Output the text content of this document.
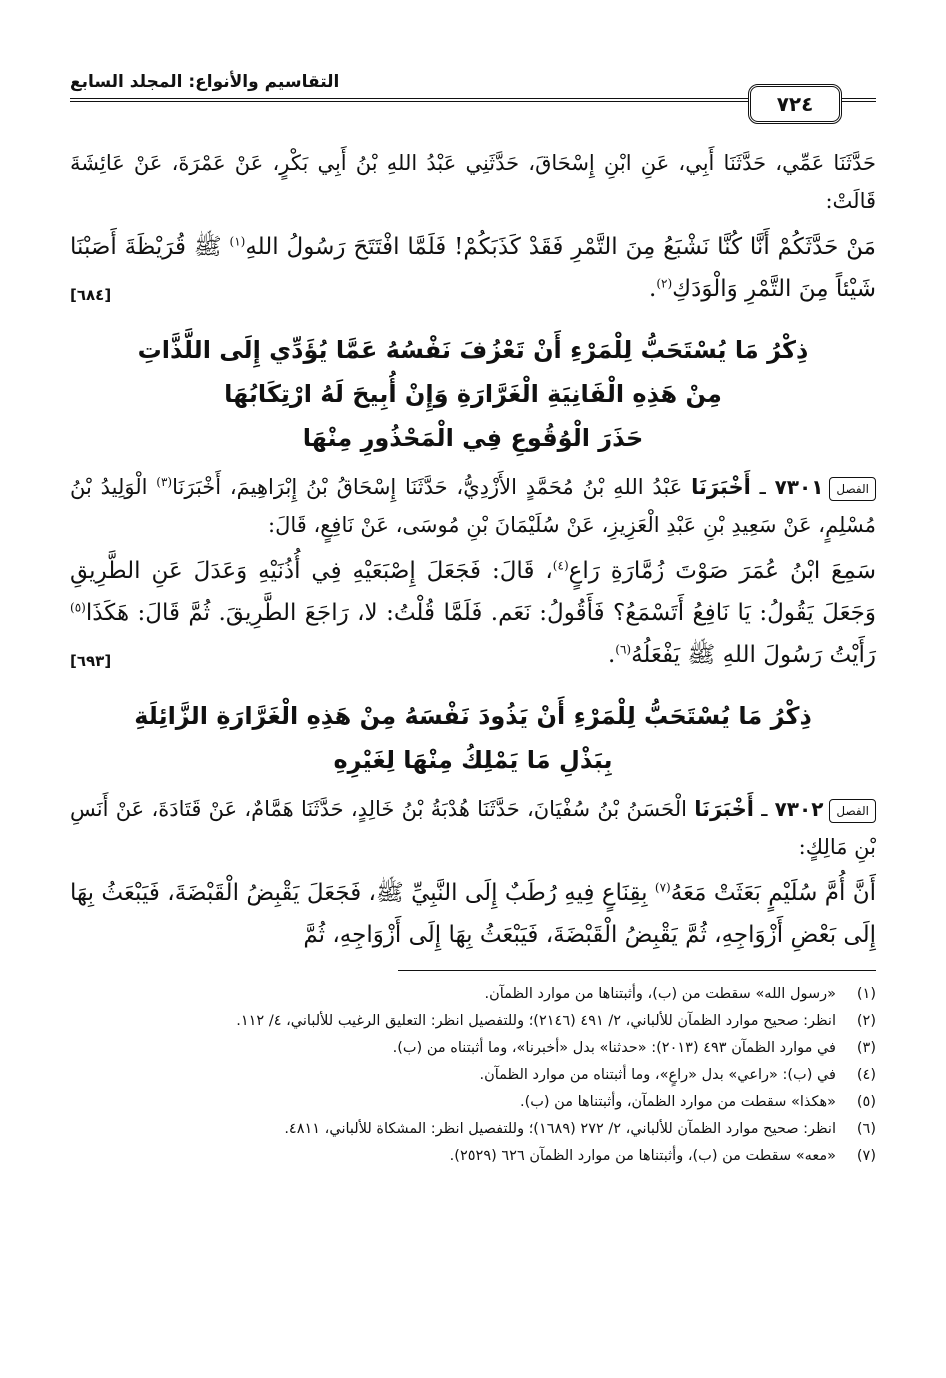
٧٢٤
التقاسيم والأنواع: المجلد السابع

حَدَّثَنَا عَمِّي، حَدَّثَنَا أَبِي، عَنِ ابْنِ إِسْحَاقَ، حَدَّثَنِي عَبْدُ اللهِ بْنُ أَبِي بَكْرٍ، عَنْ عَمْرَةَ، عَنْ عَائِشَةَ قَالَتْ:

مَنْ حَدَّثَكُمْ أَنَّا كُنَّا نَشْبَعُ مِنَ التَّمْرِ فَقَدْ كَذَبَكُمْ! فَلَمَّا افْتَتَحَ رَسُولُ اللهِ$^{(١)}$ ﷺ قُرَيْظَةَ أَصَبْنَا شَيْئاً مِنَ التَّمْرِ وَالْوَدَكِ$^{(٢)}$.
[٦٨٤]

ذِكْرُ مَا يُسْتَحَبُّ لِلْمَرْءِ أَنْ تَعْزُفَ نَفْسُهُ عَمَّا يُؤَدِّي إِلَى اللَّذَّاتِ
مِنْ هَذِهِ الْفَانِيَةِ الْغَرَّارَةِ وَإِنْ أُبِيحَ لَهُ ارْتِكَابُهَا
حَذَرَ الْوُقُوعِ فِي الْمَحْذُورِ مِنْهَا

الفصل٧٣٠١ ـ أَخْبَرَنَا عَبْدُ اللهِ بْنُ مُحَمَّدٍ الأَزْدِيُّ، حَدَّثَنَا إِسْحَاقُ بْنُ إِبْرَاهِيمَ، أَخْبَرَنَا$^{(٣)}$ الْوَلِيدُ بْنُ مُسْلِمٍ، عَنْ سَعِيدِ بْنِ عَبْدِ الْعَزِيزِ، عَنْ سُلَيْمَانَ بْنِ مُوسَى، عَنْ نَافِعٍ، قَالَ:

سَمِعَ ابْنُ عُمَرَ صَوْتَ زُمَّارَةِ رَاعٍ$^{(٤)}$، قَالَ: فَجَعَلَ إِصْبَعَيْهِ فِي أُذُنَيْهِ وَعَدَلَ عَنِ الطَّرِيقِ وَجَعَلَ يَقُولُ: يَا نَافِعُ أَتَسْمَعُ؟ فَأَقُولُ: نَعَم. فَلَمَّا قُلْتُ: لا، رَاجَعَ الطَّرِيقَ. ثُمَّ قَالَ: هَكَذَا$^{(٥)}$ رَأَيْتُ رَسُولَ اللهِ ﷺ يَفْعَلُهُ$^{(٦)}$.
[٦٩٣]

ذِكْرُ مَا يُسْتَحَبُّ لِلْمَرْءِ أَنْ يَذُودَ نَفْسَهُ مِنْ هَذِهِ الْغَرَّارَةِ الزَّائِلَةِ
بِبَذْلِ مَا يَمْلِكُ مِنْهَا لِغَيْرِهِ

الفصل٧٣٠٢ ـ أَخْبَرَنَا الْحَسَنُ بْنُ سُفْيَانَ، حَدَّثَنَا هُدْبَةُ بْنُ خَالِدٍ، حَدَّثَنَا هَمَّامٌ، عَنْ قَتَادَةَ، عَنْ أَنَسِ بْنِ مَالِكٍ:

أَنَّ أُمَّ سُلَيْمٍ بَعَثَتْ مَعَهُ$^{(٧)}$ بِقِنَاعٍ فِيهِ رُطَبٌ إِلَى النَّبِيِّ ﷺ، فَجَعَلَ يَقْبِضُ الْقَبْضَةَ، فَيَبْعَثُ بِهَا إِلَى بَعْضِ أَزْوَاجِهِ، ثُمَّ يَقْبِضُ الْقَبْضَةَ، فَيَبْعَثُ بِهَا إِلَى أَزْوَاجِهِ، ثُمَّ

(١)
«رسول الله» سقطت من (ب)، وأثبتناها من موارد الظمآن.
(٢)
انظر: صحيح موارد الظمآن للألباني، ٢/ ٤٩١ (٢١٤٦)؛ وللتفصيل انظر: التعليق الرغيب للألباني، ٤/ ١١٢.
(٣)
في موارد الظمآن ٤٩٣ (٢٠١٣): «حدثنا» بدل «أخبرنا»، وما أثبتناه من (ب).
(٤)
في (ب): «راعي» بدل «راعٍ»، وما أثبتناه من موارد الظمآن.
(٥)
«هكذا» سقطت من موارد الظمآن، وأثبتناها من (ب).
(٦)
انظر: صحيح موارد الظمآن للألباني، ٢/ ٢٧٢ (١٦٨٩)؛ وللتفصيل انظر: المشكاة للألباني، ٤٨١١.
(٧)
«معه» سقطت من (ب)، وأثبتناها من موارد الظمآن ٦٢٦ (٢٥٢٩).
